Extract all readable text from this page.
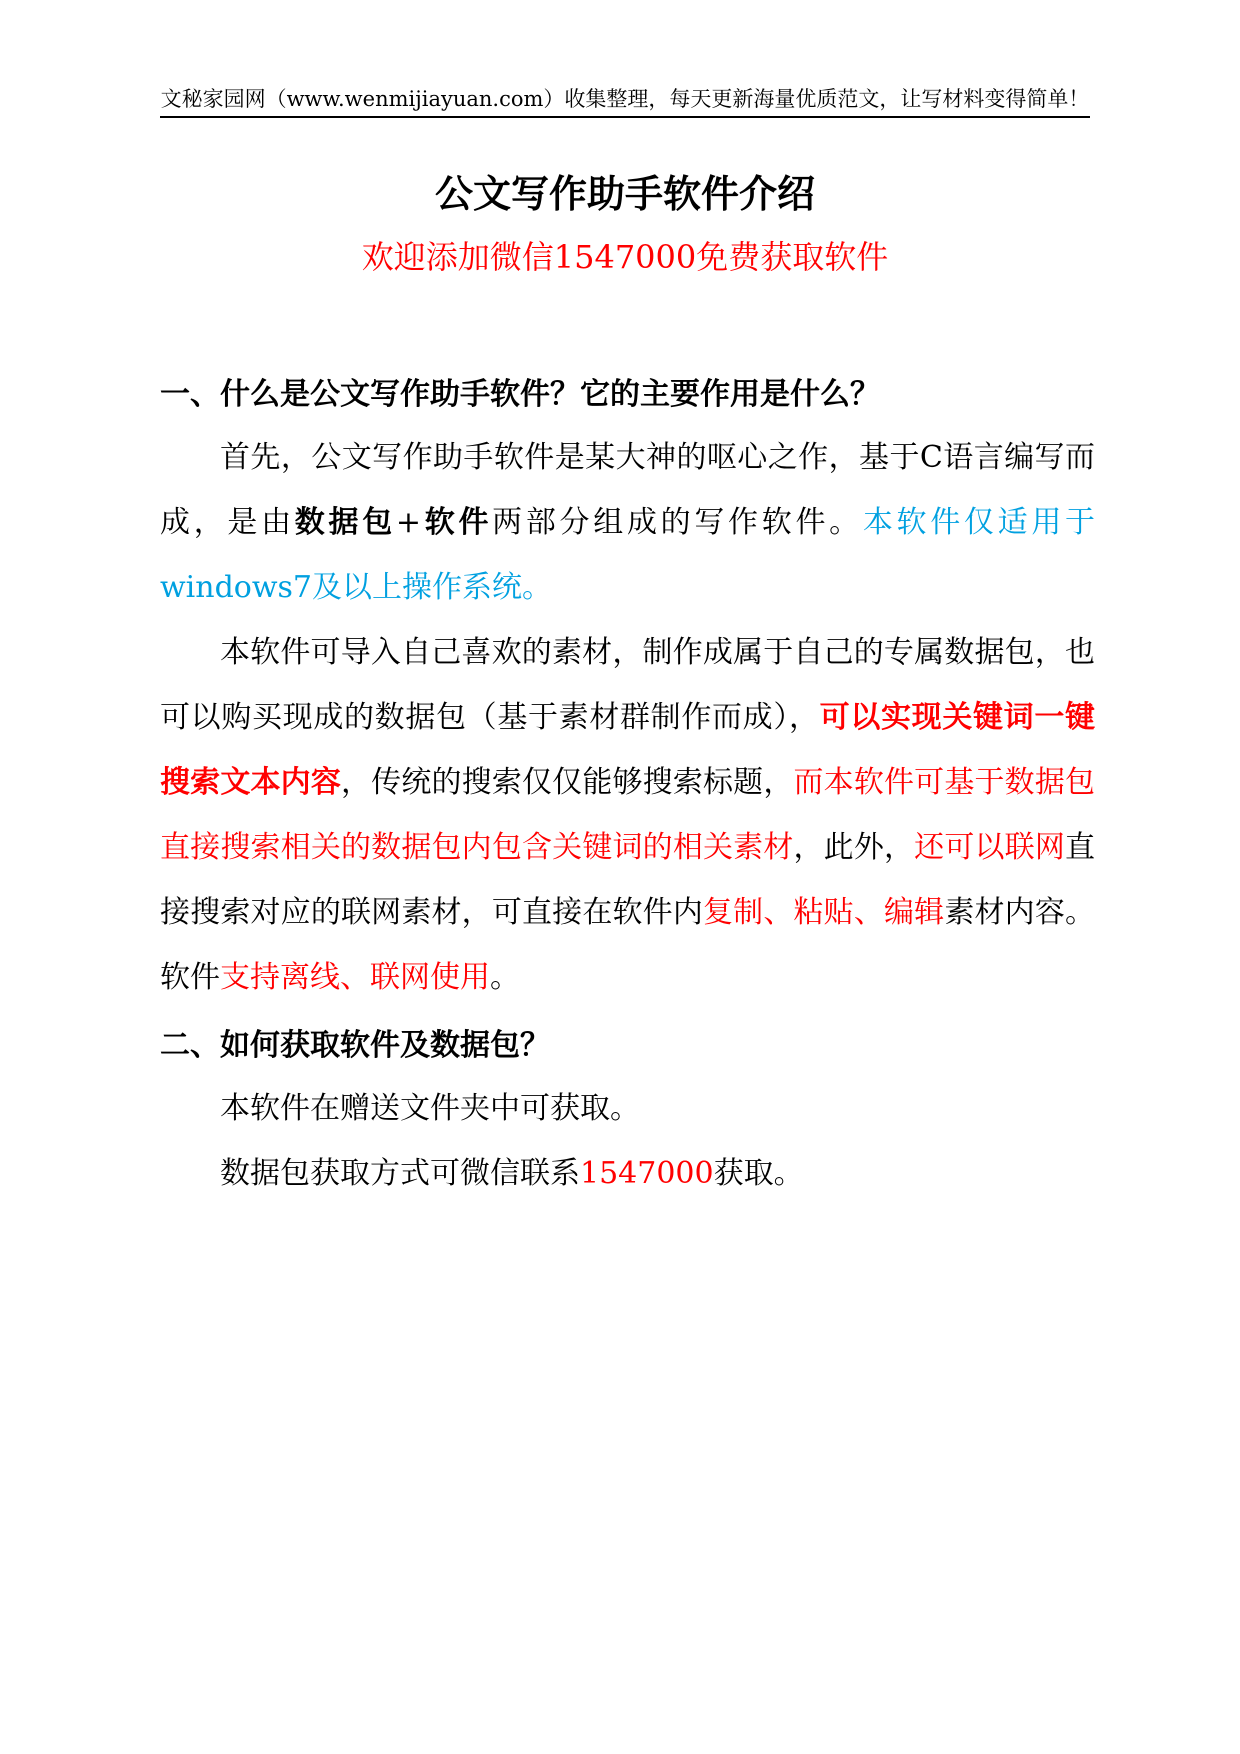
文秘家园网（www.wenmijiayuan.com）收集整理，每天更新海量优质范文，让写材料变得简单！
公文写作助手软件介绍
欢迎添加微信1547000免费获取软件
一、什么是公文写作助手软件？它的主要作用是什么？

首先，公文写作助手软件是某大神的呕心之作，基于C语言编写而成，是由数据包+软件两部分组成的写作软件。本软件仅适用于windows7及以上操作系统。

本软件可导入自己喜欢的素材，制作成属于自己的专属数据包，也可以购买现成的数据包（基于素材群制作而成），可以实现关键词一键搜索文本内容，传统的搜索仅仅能够搜索标题，而本软件可基于数据包直接搜索相关的数据包内包含关键词的相关素材，此外，还可以联网直接搜索对应的联网素材，可直接在软件内复制、粘贴、编辑素材内容。软件支持离线、联网使用。

二、如何获取软件及数据包？

本软件在赠送文件夹中可获取。

数据包获取方式可微信联系1547000获取。
